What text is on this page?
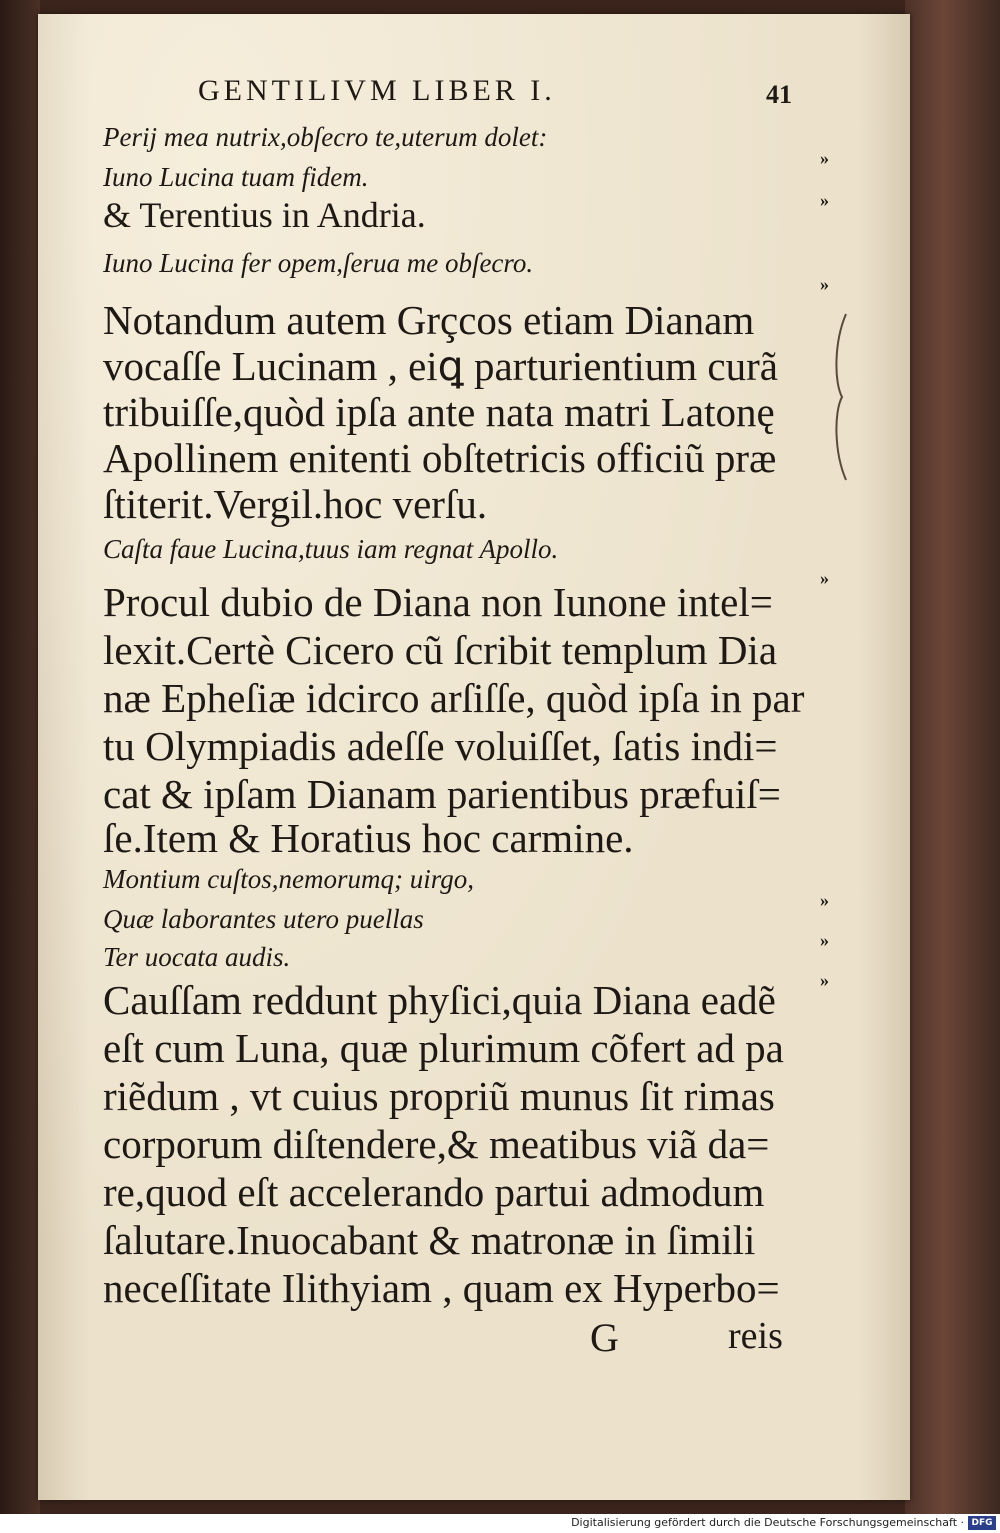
GENTILIVM LIBER I.	41
Perij mea nutrix,obſecro te,uterum dolet:
Iuno Lucina tuam fidem.
& Terentius in Andria.
Iuno Lucina fer opem,ſerua me obſecro.
Notandum autem Grçcos etiam Dianam
vocaſſe Lucinam , eiꝗ parturientium curã
tribuiſſe,quòd ipſa ante nata matri Latonę
Apollinem enitenti obſtetricis officiũ præ
ſtiterit.Vergil.hoc verſu.
Caſta faue Lucina,tuus iam regnat Apollo.
Procul dubio de Diana non Iunone intel=
lexit.Certè Cicero cũ ſcribit templum Dia
næ Epheſiæ idcirco arſiſſe, quòd ipſa in par
tu Olympiadis adeſſe voluiſſet, ſatis indi=
cat & ipſam Dianam parientibus præfuiſ=
ſe.Item & Horatius hoc carmine.
Montium cuſtos,nemorumq; uirgo,
Quæ laborantes utero puellas
Ter uocata audis.
Cauſſam reddunt phyſici,quia Diana eadẽ
eſt cum Luna, quæ plurimum cõfert ad pa
riẽdum , vt cuius propriũ munus ſit rimas
corporum diſtendere,& meatibus viã da=
re,quod eſt accelerando partui admodum
ſalutare.Inuocabant & matronæ in ſimili
neceſſitate Ilithyiam , quam ex Hyperbo=
»
»
»
»
»
»
»
G	reis
Digitalisierung gefördert durch die Deutsche Forschungsgemeinschaft · DFG
